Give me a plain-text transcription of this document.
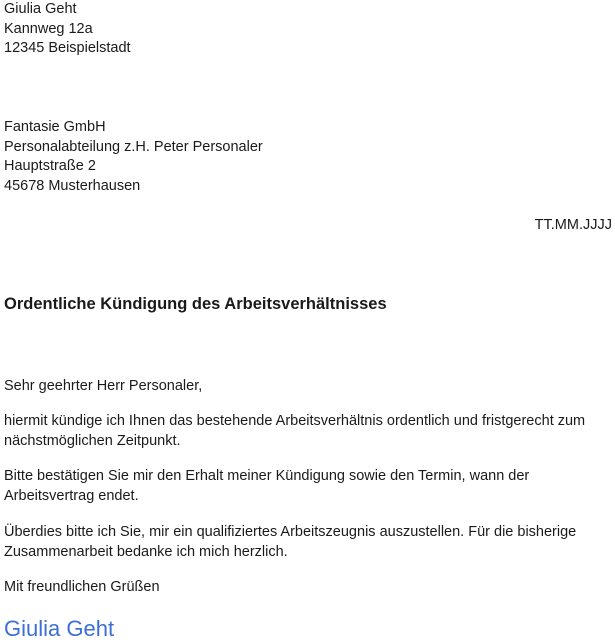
Giulia Geht
Kannweg 12a
12345 Beispielstadt
Fantasie GmbH
Personalabteilung z.H. Peter Personaler
Hauptstraße 2
45678 Musterhausen
TT.MM.JJJJ
Ordentliche Kündigung des Arbeitsverhältnisses
Sehr geehrter Herr Personaler,
hiermit kündige ich Ihnen das bestehende Arbeitsverhältnis ordentlich und fristgerecht zum nächstmöglichen Zeitpunkt.
Bitte bestätigen Sie mir den Erhalt meiner Kündigung sowie den Termin, wann der Arbeitsvertrag endet.
Überdies bitte ich Sie, mir ein qualifiziertes Arbeitszeugnis auszustellen. Für die bisherige Zusammenarbeit bedanke ich mich herzlich.
Mit freundlichen Grüßen
Giulia Geht
